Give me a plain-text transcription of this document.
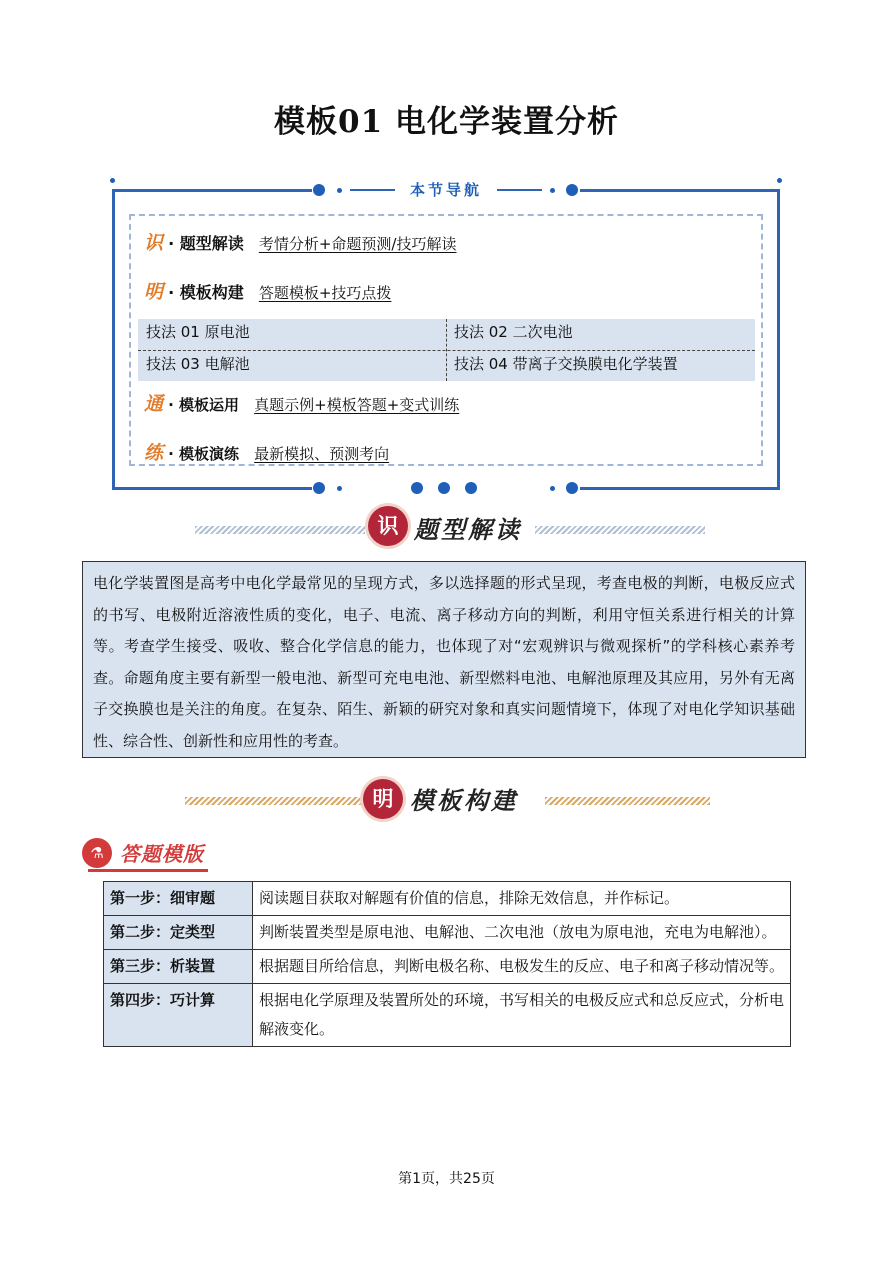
模板01 电化学装置分析
本节导航
识 · 题型解读 考情分析+命题预测/技巧解读
明 · 模板构建 答题模板+技巧点拨
技法 01 原电池	技法 02 二次电池
技法 03 电解池	技法 04 带离子交换膜电化学装置
通 · 模板运用 真题示例+模板答题+变式训练
练 · 模板演练 最新模拟、预测考向
识 题型解读
电化学装置图是高考中电化学最常见的呈现方式，多以选择题的形式呈现，考查电极的判断，电极反应式的书写、电极附近溶液性质的变化，电子、电流、离子移动方向的判断，利用守恒关系进行相关的计算等。考查学生接受、吸收、整合化学信息的能力，也体现了对“宏观辨识与微观探析”的学科核心素养考查。命题角度主要有新型一般电池、新型可充电电池、新型燃料电池、电解池原理及其应用，另外有无离子交换膜也是关注的角度。在复杂、陌生、新颖的研究对象和真实问题情境下，体现了对电化学知识基础性、综合性、创新性和应用性的考查。
明 模板构建
⚗ 答题模版
第一步：细审题	阅读题目获取对解题有价值的信息，排除无效信息，并作标记。
第二步：定类型	判断装置类型是原电池、电解池、二次电池（放电为原电池，充电为电解池）。
第三步：析装置	根据题目所给信息，判断电极名称、电极发生的反应、电子和离子移动情况等。
第四步：巧计算	根据电化学原理及装置所处的环境，书写相关的电极反应式和总反应式，分析电解液变化。
第1页，共25页
